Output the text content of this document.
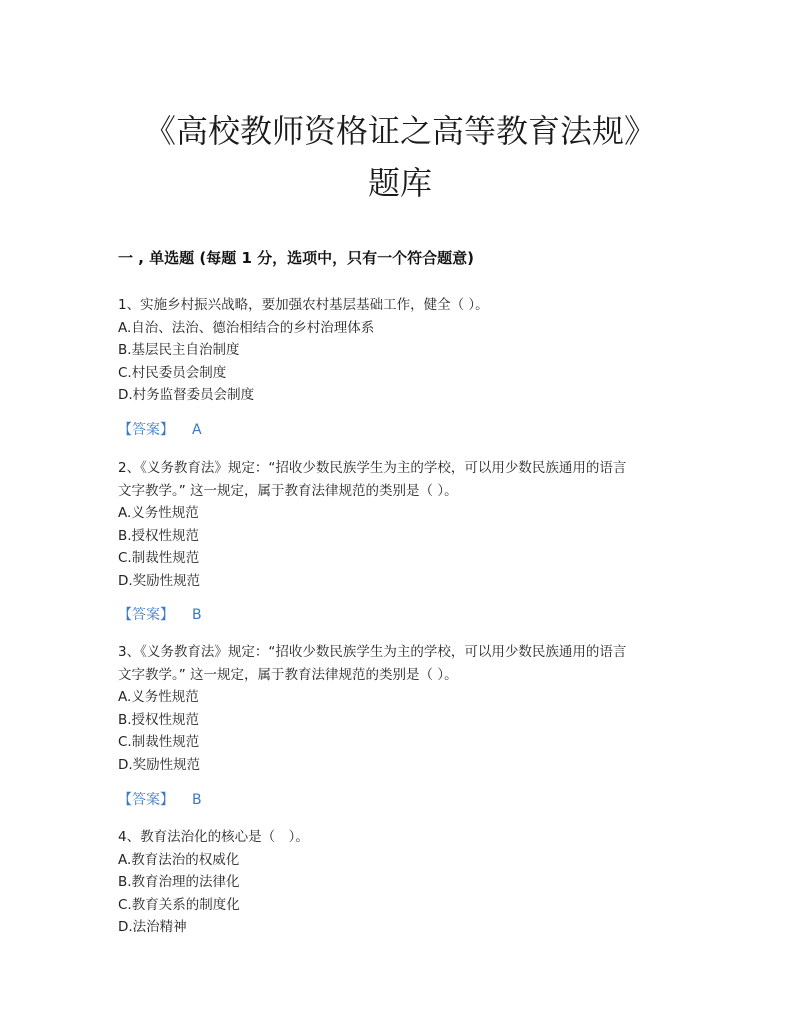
《高校教师资格证之高等教育法规》
题库
一 , 单选题 (每题 1 分，选项中，只有一个符合题意)
1、实施乡村振兴战略，要加强农村基层基础工作，健全（ ）。
A.自治、法治、德治相结合的乡村治理体系
B.基层民主自治制度
C.村民委员会制度
D.村务监督委员会制度
【答案】 A
2、《义务教育法》规定：“招收少数民族学生为主的学校，可以用少数民族通用的语言
文字教学。” 这一规定，属于教育法律规范的类别是（ ）。
A.义务性规范
B.授权性规范
C.制裁性规范
D.奖励性规范
【答案】 B
3、《义务教育法》规定：“招收少数民族学生为主的学校，可以用少数民族通用的语言
文字教学。” 这一规定，属于教育法律规范的类别是（ ）。
A.义务性规范
B.授权性规范
C.制裁性规范
D.奖励性规范
【答案】 B
4、教育法治化的核心是（　）。
A.教育法治的权威化
B.教育治理的法律化
C.教育关系的制度化
D.法治精神
